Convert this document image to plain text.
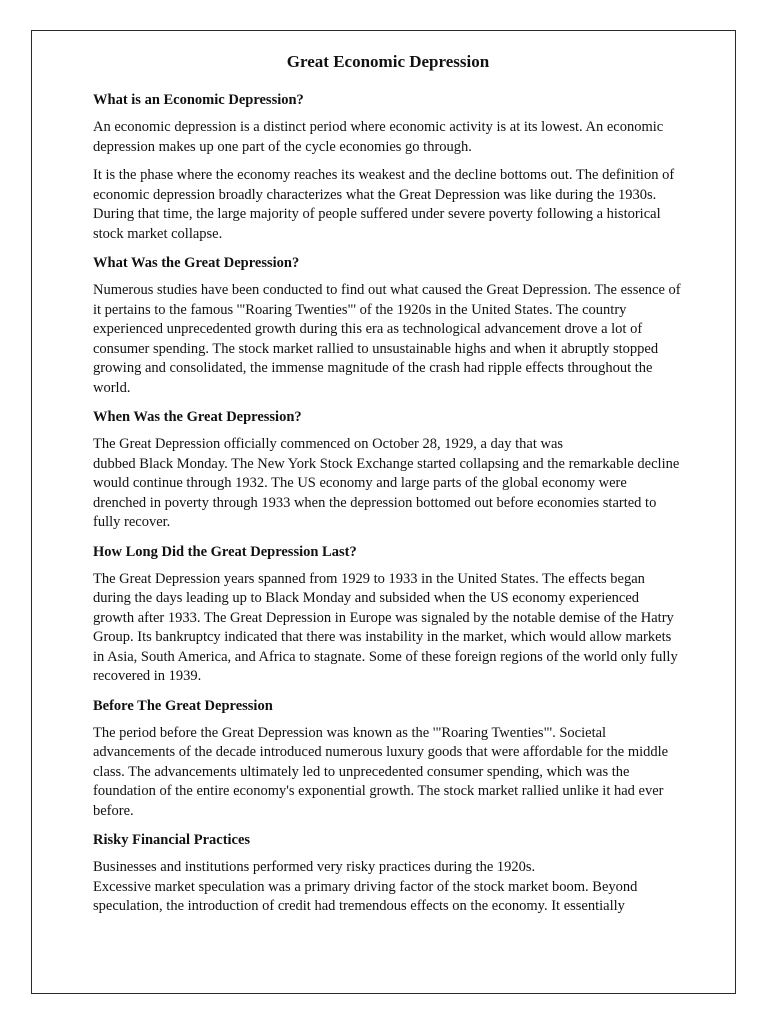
Great Economic Depression
What is an Economic Depression?

An economic depression is a distinct period where economic activity is at its lowest. An economic depression makes up one part of the cycle economies go through.

It is the phase where the economy reaches its weakest and the decline bottoms out. The definition of economic depression broadly characterizes what the Great Depression was like during the 1930s. During that time, the large majority of people suffered under severe poverty following a historical stock market collapse.

What Was the Great Depression?

Numerous studies have been conducted to find out what caused the Great Depression. The essence of it pertains to the famous '"Roaring Twenties"' of the 1920s in the United States. The country experienced unprecedented growth during this era as technological advancement drove a lot of consumer spending. The stock market rallied to unsustainable highs and when it abruptly stopped growing and consolidated, the immense magnitude of the crash had ripple effects throughout the world.

When Was the Great Depression?

The Great Depression officially commenced on October 28, 1929, a day that was
dubbed Black Monday. The New York Stock Exchange started collapsing and the remarkable decline would continue through 1932. The US economy and large parts of the global economy were drenched in poverty through 1933 when the depression bottomed out before economies started to fully recover.

How Long Did the Great Depression Last?

The Great Depression years spanned from 1929 to 1933 in the United States. The effects began during the days leading up to Black Monday and subsided when the US economy experienced growth after 1933. The Great Depression in Europe was signaled by the notable demise of the Hatry Group. Its bankruptcy indicated that there was instability in the market, which would allow markets in Asia, South America, and Africa to stagnate. Some of these foreign regions of the world only fully recovered in 1939.

Before The Great Depression

The period before the Great Depression was known as the '"Roaring Twenties"'. Societal advancements of the decade introduced numerous luxury goods that were affordable for the middle class. The advancements ultimately led to unprecedented consumer spending, which was the foundation of the entire economy's exponential growth. The stock market rallied unlike it had ever before.

Risky Financial Practices

Businesses and institutions performed very risky practices during the 1920s.
Excessive market speculation was a primary driving factor of the stock market boom. Beyond speculation, the introduction of credit had tremendous effects on the economy. It essentially
